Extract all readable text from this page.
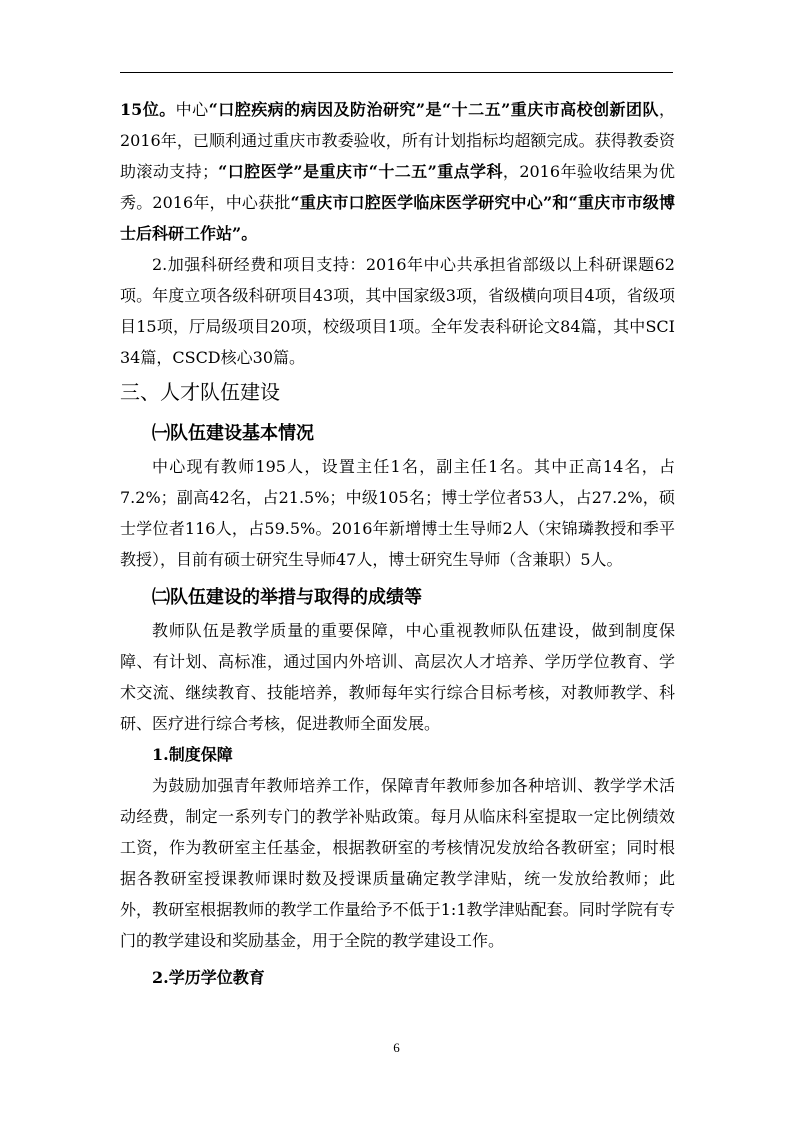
15位。中心“口腔疾病的病因及防治研究”是“十二五”重庆市高校创新团队，2016年，已顺利通过重庆市教委验收，所有计划指标均超额完成。获得教委资助滚动支持；“口腔医学”是重庆市“十二五”重点学科，2016年验收结果为优秀。2016年，中心获批“重庆市口腔医学临床医学研究中心”和“重庆市市级博士后科研工作站”。

2.加强科研经费和项目支持：2016年中心共承担省部级以上科研课题62项。年度立项各级科研项目43项，其中国家级3项，省级横向项目4项，省级项目15项，厅局级项目20项，校级项目1项。全年发表科研论文84篇，其中SCI 34篇，CSCD核心30篇。

三、人才队伍建设
㈠队伍建设基本情况

中心现有教师195人，设置主任1名，副主任1名。其中正高14名，占7.2%；副高42名，占21.5%；中级105名；博士学位者53人，占27.2%，硕士学位者116人，占59.5%。2016年新增博士生导师2人（宋锦璘教授和季平教授），目前有硕士研究生导师47人，博士研究生导师（含兼职）5人。

㈡队伍建设的举措与取得的成绩等

教师队伍是教学质量的重要保障，中心重视教师队伍建设，做到制度保障、有计划、高标准，通过国内外培训、高层次人才培养、学历学位教育、学术交流、继续教育、技能培养，教师每年实行综合目标考核，对教师教学、科研、医疗进行综合考核，促进教师全面发展。

1.制度保障

为鼓励加强青年教师培养工作，保障青年教师参加各种培训、教学学术活动经费，制定一系列专门的教学补贴政策。每月从临床科室提取一定比例绩效工资，作为教研室主任基金，根据教研室的考核情况发放给各教研室；同时根据各教研室授课教师课时数及授课质量确定教学津贴，统一发放给教师；此外，教研室根据教师的教学工作量给予不低于1:1教学津贴配套。同时学院有专门的教学建设和奖励基金，用于全院的教学建设工作。

2.学历学位教育
6
